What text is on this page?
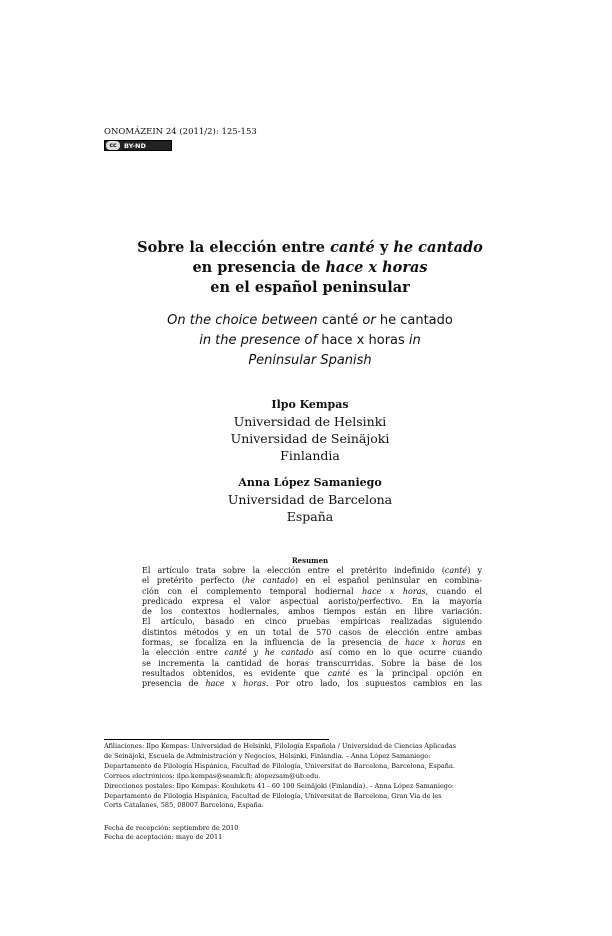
ONOMÁZEIN 24 (2011/2): 125-153
cc	BY-ND
Sobre la elección entre canté y he cantado
en presencia de hace x horas
en el español peninsular
On the choice between canté or he cantado
in the presence of hace x horas in
Peninsular Spanish
Ilpo Kempas
Universidad de Helsinki
Universidad de Seinäjoki
Finlandia
Anna López Samaniego
Universidad de Barcelona
España
Resumen
El artículo trata sobre la elección entre el pretérito indefinido (canté) y
el pretérito perfecto (he cantado) en el español peninsular en combina-
ción con el complemento temporal hodiernal hace x horas, cuando el
predicado expresa el valor aspectual aoristo/perfectivo. En la mayoría
de los contextos hodiernales, ambos tiempos están en libre variación.
El artículo, basado en cinco pruebas empíricas realizadas siguiendo
distintos métodos y en un total de 570 casos de elección entre ambas
formas, se focaliza en la influencia de la presencia de hace x horas en
la elección entre canté y he cantado así como en lo que ocurre cuando
se incrementa la cantidad de horas transcurridas. Sobre la base de los
resultados obtenidos, es evidente que canté es la principal opción en
presencia de hace x horas. Por otro lado, los supuestos cambios en las
Afiliaciones: Ilpo Kempas: Universidad de Helsinki, Filología Española / Universidad de Ciencias Aplicadas
de Seinäjoki, Escuela de Administración y Negocios, Helsinki, Finlandia. – Anna López Samaniego:
Departamento de Filología Hispánica, Facultad de Filología, Universitat de Barcelona, Barcelona, España.
Correos electrónicos: ilpo.kempas@seamk.fi; alopezsam@ub.edu.
Direcciones postales: Ilpo Kempas: Kouluketu 41 - 60 100 Seinäjoki (Finlandia). – Anna López Samaniego:
Departamento de Filología Hispánica, Facultad de Filología, Universitat de Barcelona, Gran Via de les
Corts Catalanes, 585, 08007 Barcelona, España.
Fecha de recepción: septiembre de 2010
Fecha de aceptación: mayo de 2011
